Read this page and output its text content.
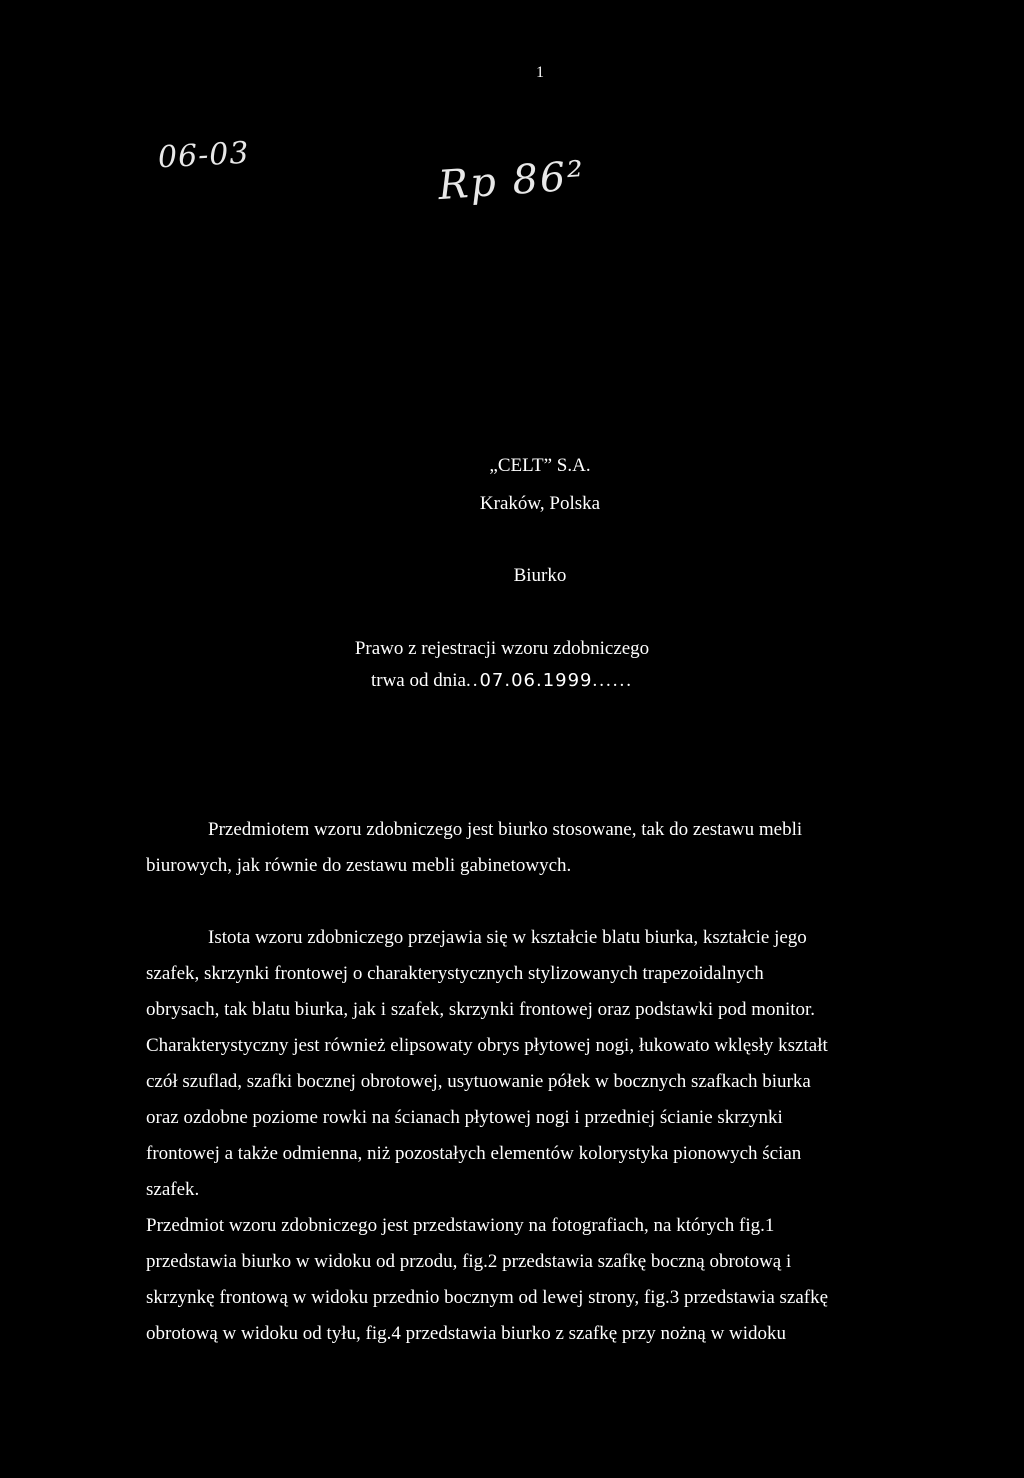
1
06-03	Rp 86²
„CELT” S.A.
Kraków, Polska
Biurko
Prawo z rejestracji wzoru zdobniczego
trwa od dnia..07.06.1999......
Przedmiotem wzoru zdobniczego jest biurko stosowane, tak do zestawu mebli
biurowych, jak równie do zestawu mebli gabinetowych.
Istota wzoru zdobniczego przejawia się w kształcie blatu biurka, kształcie jego
szafek, skrzynki frontowej o charakterystycznych stylizowanych trapezoidalnych
obrysach, tak blatu biurka, jak i szafek, skrzynki frontowej oraz podstawki pod monitor.
Charakterystyczny jest również elipsowaty obrys płytowej nogi, łukowato wklęsły kształt
czół szuflad, szafki bocznej obrotowej, usytuowanie półek w bocznych szafkach biurka
oraz ozdobne poziome rowki na ścianach płytowej nogi i przedniej ścianie skrzynki
frontowej a także odmienna, niż pozostałych elementów kolorystyka pionowych ścian
szafek.
Przedmiot wzoru zdobniczego jest przedstawiony na fotografiach, na których fig.1
przedstawia biurko w widoku od przodu, fig.2 przedstawia szafkę boczną obrotową i
skrzynkę frontową w widoku przednio bocznym od lewej strony, fig.3 przedstawia szafkę
obrotową w widoku od tyłu, fig.4 przedstawia biurko z szafkę przy nożną w widoku
